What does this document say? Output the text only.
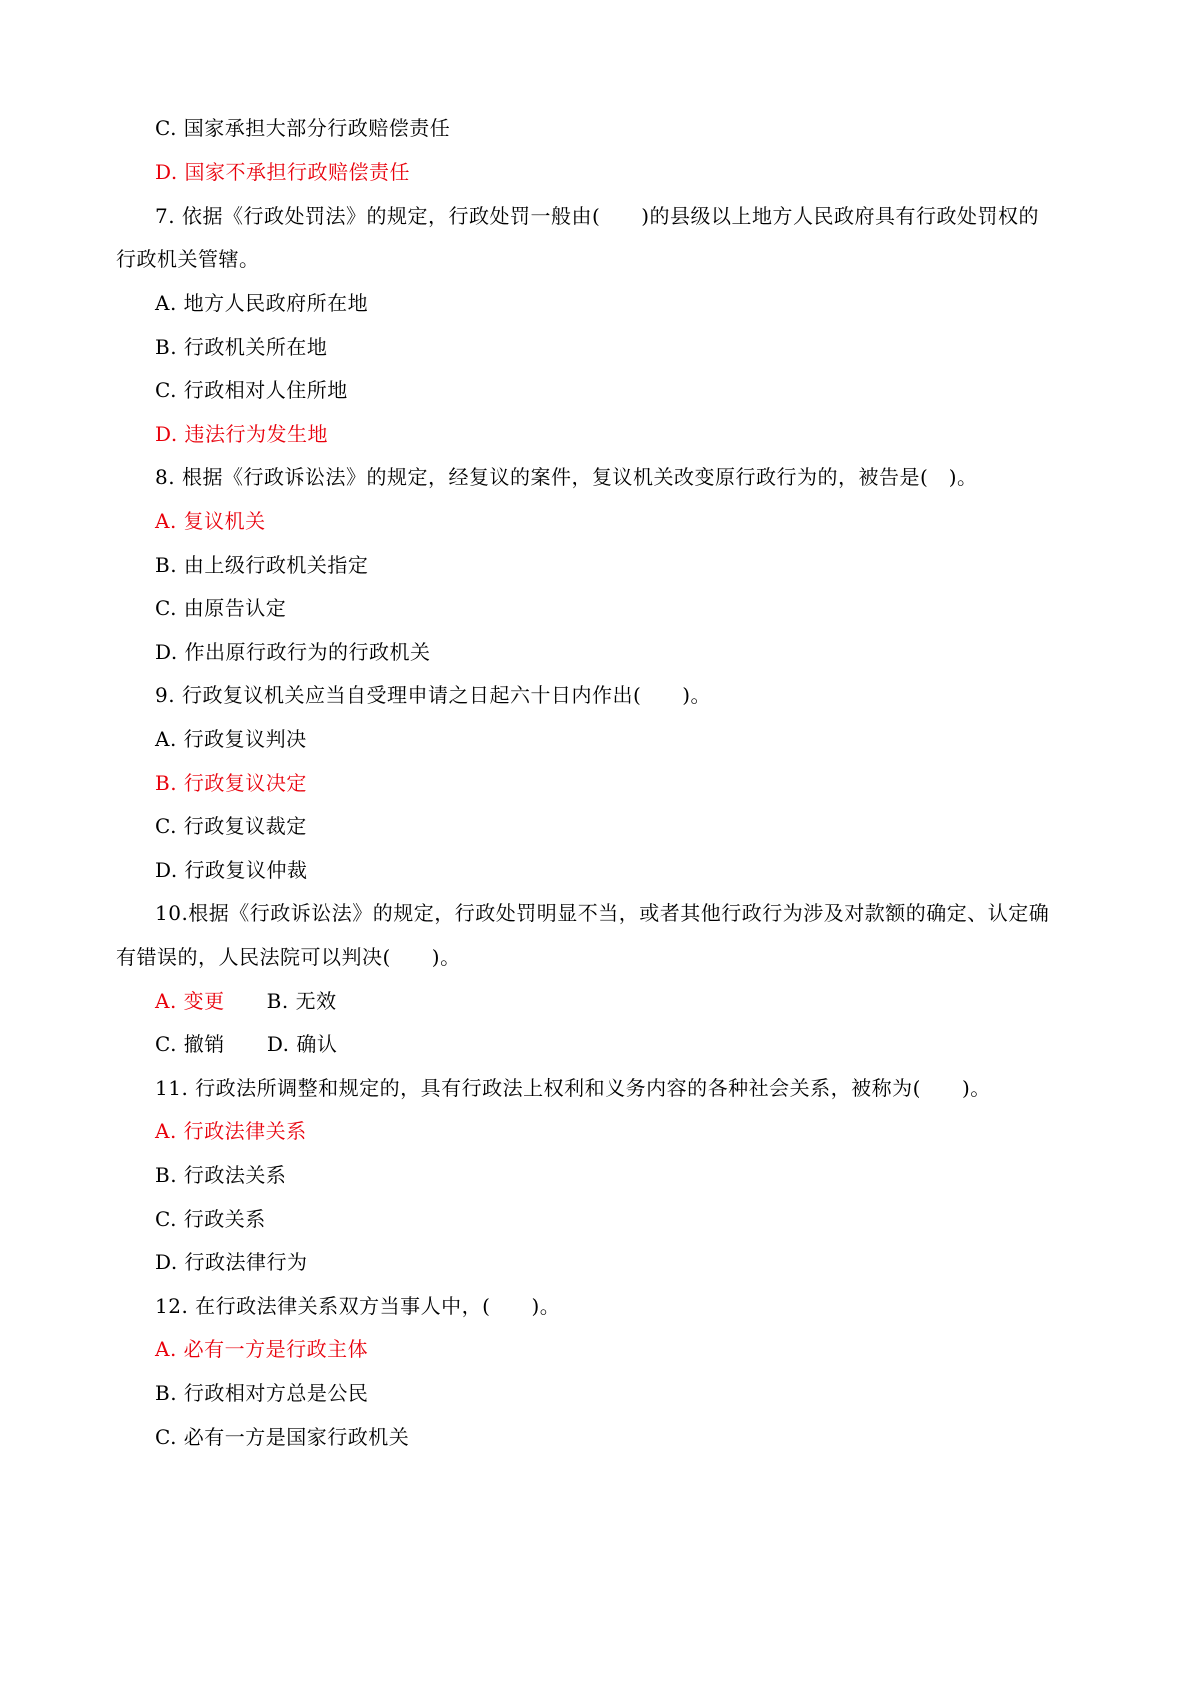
C. 国家承担大部分行政赔偿责任
D. 国家不承担行政赔偿责任
7. 依据《行政处罚法》的规定，行政处罚一般由(　　)的县级以上地方人民政府具有行政处罚权的
行政机关管辖。
A. 地方人民政府所在地
B. 行政机关所在地
C. 行政相对人住所地
D. 违法行为发生地
8. 根据《行政诉讼法》的规定，经复议的案件，复议机关改变原行政行为的，被告是(　)。
A. 复议机关
B. 由上级行政机关指定
C. 由原告认定
D. 作出原行政行为的行政机关
9. 行政复议机关应当自受理申请之日起六十日内作出(　　)。
A. 行政复议判决
B. 行政复议决定
C. 行政复议裁定
D. 行政复议仲裁
10.根据《行政诉讼法》的规定，行政处罚明显不当，或者其他行政行为涉及对款额的确定、认定确
有错误的，人民法院可以判决(　　)。
A. 变更 B. 无效
C. 撤销 D. 确认
11. 行政法所调整和规定的，具有行政法上权利和义务内容的各种社会关系，被称为(　　)。
A. 行政法律关系
B. 行政法关系
C. 行政关系
D. 行政法律行为
12. 在行政法律关系双方当事人中，(　　)。
A. 必有一方是行政主体
B. 行政相对方总是公民
C. 必有一方是国家行政机关
